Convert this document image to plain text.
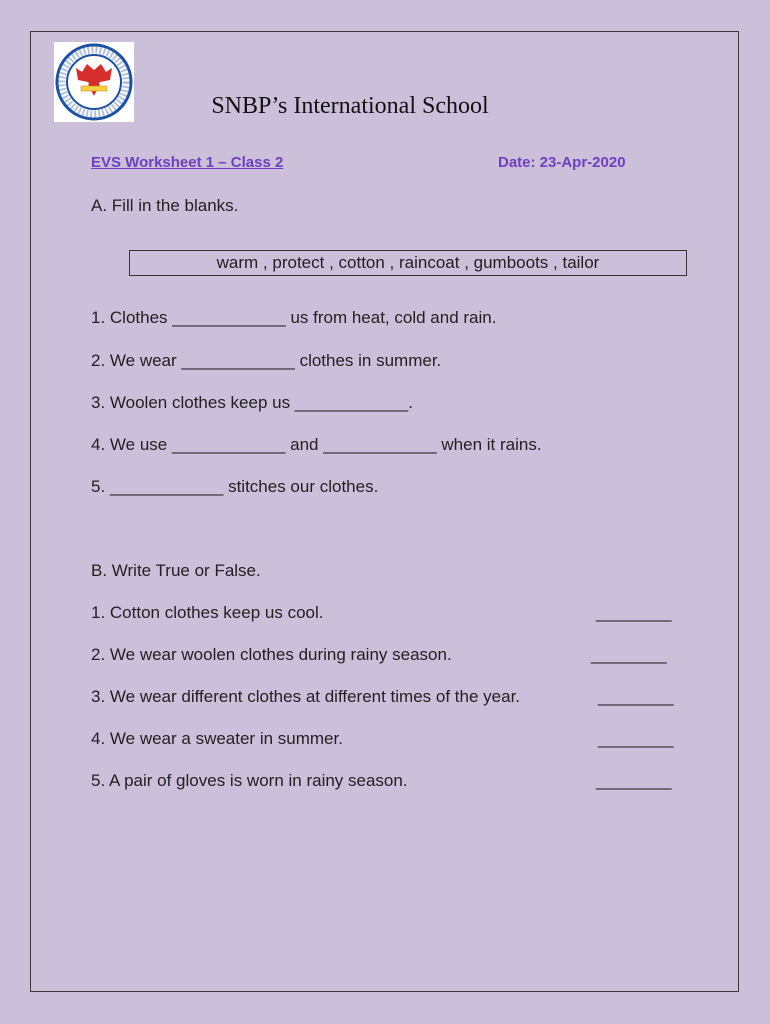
SNBP’s International School
EVS Worksheet 1 – Class 2	Date: 23-Apr-2020
A. Fill in the blanks.
warm , protect , cotton , raincoat , gumboots , tailor
1. Clothes ____________ us from heat, cold and rain.
2. We wear ____________ clothes in summer.
3. Woolen clothes keep us ____________.
4. We use ____________ and ____________ when it rains.
5. ____________ stitches our clothes.
B. Write True or False.
1. Cotton clothes keep us cool.	________
2. We wear woolen clothes during rainy season.	________
3. We wear different clothes at different times of the year.	________
4. We wear a sweater in summer.	________
5. A pair of gloves is worn in rainy season.	________
